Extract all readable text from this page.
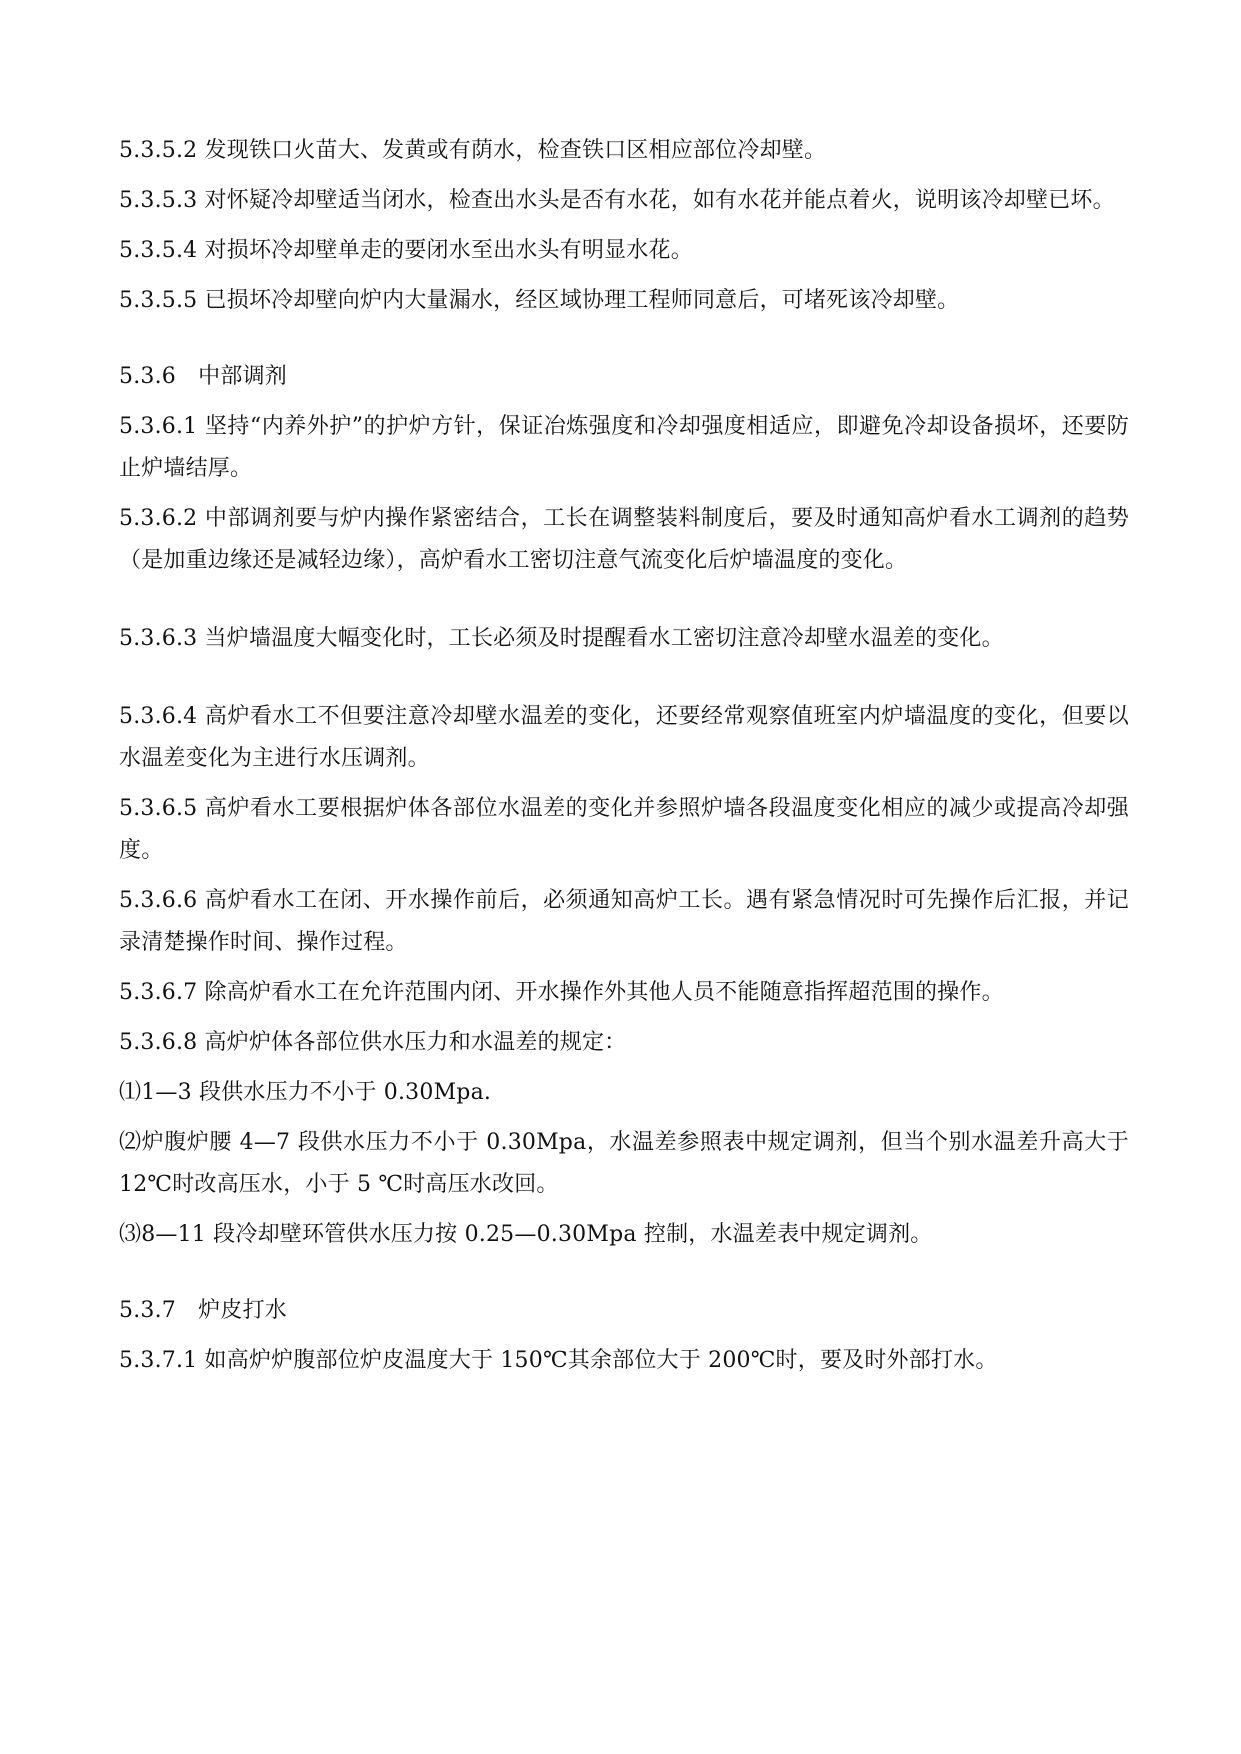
5.3.5.2 发现铁口火苗大、发黄或有荫水，检查铁口区相应部位冷却壁。

5.3.5.3 对怀疑冷却壁适当闭水，检查出水头是否有水花，如有水花并能点着火，说明该冷却壁已坏。

5.3.5.4 对损坏冷却壁单走的要闭水至出水头有明显水花。

5.3.5.5 已损坏冷却壁向炉内大量漏水，经区域协理工程师同意后，可堵死该冷却壁。

5.3.6　中部调剂

5.3.6.1 坚持“内养外护”的护炉方针，保证冶炼强度和冷却强度相适应，即避免冷却设备损坏，还要防止炉墙结厚。

5.3.6.2 中部调剂要与炉内操作紧密结合，工长在调整装料制度后，要及时通知高炉看水工调剂的趋势（是加重边缘还是减轻边缘），高炉看水工密切注意气流变化后炉墙温度的变化。

5.3.6.3 当炉墙温度大幅变化时，工长必须及时提醒看水工密切注意冷却壁水温差的变化。

5.3.6.4 高炉看水工不但要注意冷却壁水温差的变化，还要经常观察值班室内炉墙温度的变化，但要以水温差变化为主进行水压调剂。

5.3.6.5 高炉看水工要根据炉体各部位水温差的变化并参照炉墙各段温度变化相应的减少或提高冷却强度。

5.3.6.6 高炉看水工在闭、开水操作前后，必须通知高炉工长。遇有紧急情况时可先操作后汇报，并记录清楚操作时间、操作过程。

5.3.6.7 除高炉看水工在允许范围内闭、开水操作外其他人员不能随意指挥超范围的操作。

5.3.6.8 高炉炉体各部位供水压力和水温差的规定：

⑴1—3 段供水压力不小于 0.30Mpa.

⑵炉腹炉腰 4—7 段供水压力不小于 0.30Mpa，水温差参照表中规定调剂，但当个别水温差升高大于 12℃时改高压水，小于 5 ℃时高压水改回。

⑶8—11 段冷却壁环管供水压力按 0.25—0.30Mpa 控制，水温差表中规定调剂。

5.3.7　炉皮打水

5.3.7.1 如高炉炉腹部位炉皮温度大于 150℃其余部位大于 200℃时，要及时外部打水。
